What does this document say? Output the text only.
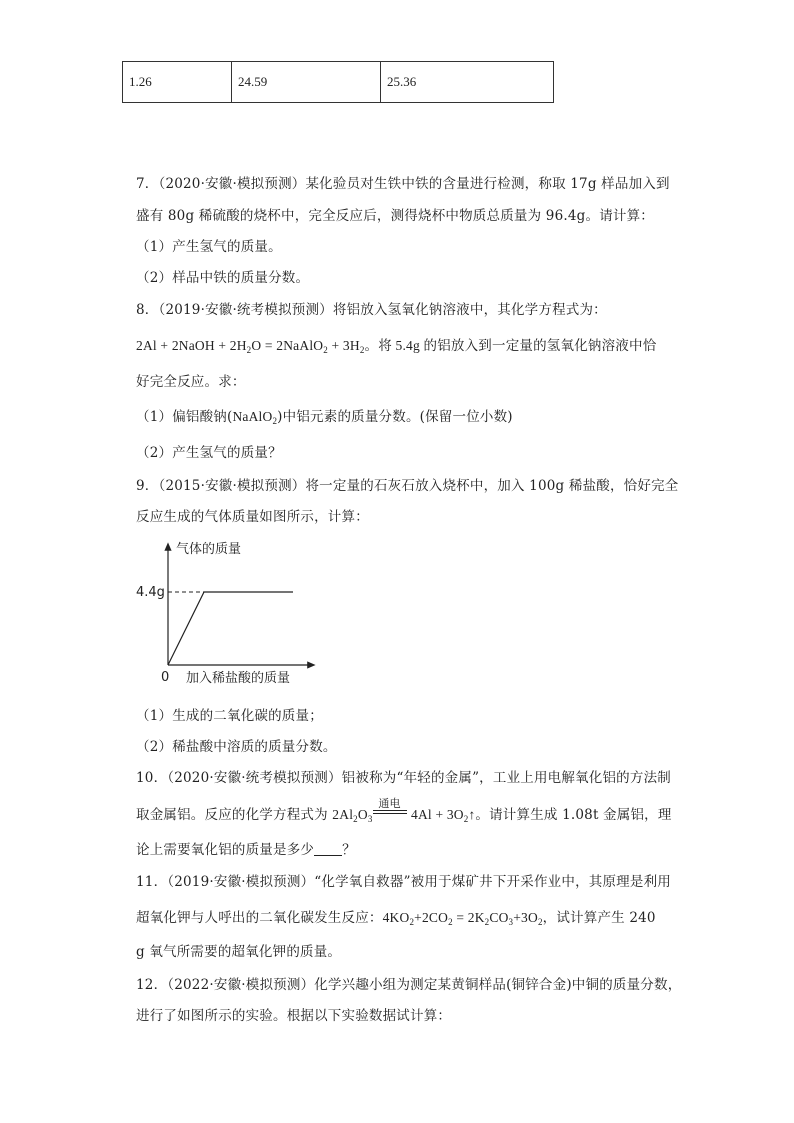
1.26	24.59	25.36
7．（2020·安徽·模拟预测）某化验员对生铁中铁的含量进行检测，称取 17g 样品加入到
盛有 80g 稀硫酸的烧杯中，完全反应后，测得烧杯中物质总质量为 96.4g。请计算：
（1）产生氢气的质量。
（2）样品中铁的质量分数。
8．（2019·安徽·统考模拟预测）将铝放入氢氧化钠溶液中，其化学方程式为：
2Al + 2NaOH + $2H_2O$ = 2NaAlO$_2$ + $3H_2$。将 5.4g 的铝放入到一定量的氢氧化钠溶液中恰
好完全反应。求：
（1）偏铝酸钠(NaAlO$_2$)中铝元素的质量分数。(保留一位小数)
（2）产生氢气的质量？
9．（2015·安徽·模拟预测）将一定量的石灰石放入烧杯中，加入 100g 稀盐酸，恰好完全
反应生成的气体质量如图所示，计算：
气体的质量
4.4g
0 加入稀盐酸的质量
（1）生成的二氧化碳的质量；
（2）稀盐酸中溶质的质量分数。
10．（2020·安徽·统考模拟预测）铝被称为“年轻的金属”，工业上用电解氧化铝的方法制
取金属铝。反应的化学方程式为 $2Al_2O_3$
通电
$4Al + 3O_2↑$。请计算生成 1.08t 金属铝，理
论上需要氧化铝的质量是多少 ？
11．（2019·安徽·模拟预测）“化学氧自救器”被用于煤矿井下开采作业中，其原理是利用
超氧化钾与人呼出的二氧化碳发生反应：$4KO_2+2CO_2 = 2K_2CO_3+3O_2$，试计算产生 240
g 氧气所需要的超氧化钾的质量。
12．（2022·安徽·模拟预测）化学兴趣小组为测定某黄铜样品(铜锌合金)中铜的质量分数，
进行了如图所示的实验。根据以下实验数据试计算：
